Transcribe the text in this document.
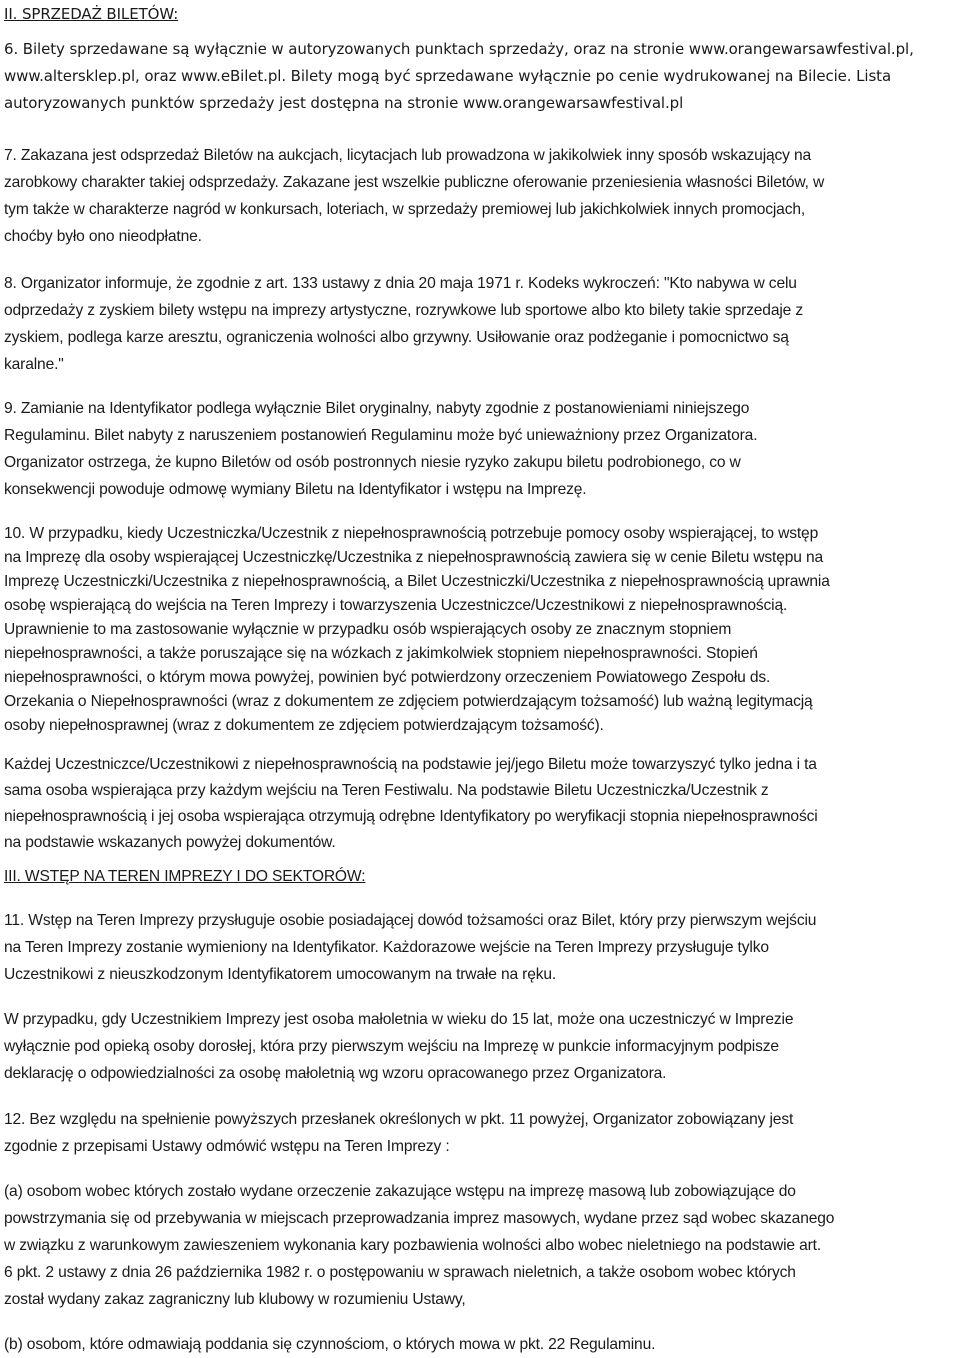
II. SPRZEDAŻ BILETÓW:
6. Bilety sprzedawane są wyłącznie w autoryzowanych punktach sprzedaży, oraz na stronie www.orangewarsawfestival.pl,
www.altersklep.pl, oraz www.eBilet.pl. Bilety mogą być sprzedawane wyłącznie po cenie wydrukowanej na Bilecie. Lista
autoryzowanych punktów sprzedaży jest dostępna na stronie www.orangewarsawfestival.pl
7. Zakazana jest odsprzedaż Biletów na aukcjach, licytacjach lub prowadzona w jakikolwiek inny sposób wskazujący na
zarobkowy charakter takiej odsprzedaży. Zakazane jest wszelkie publiczne oferowanie przeniesienia własności Biletów, w
tym także w charakterze nagród w konkursach, loteriach, w sprzedaży premiowej lub jakichkolwiek innych promocjach,
choćby było ono nieodpłatne.
8. Organizator informuje, że zgodnie z art. 133 ustawy z dnia 20 maja 1971 r. Kodeks wykroczeń: "Kto nabywa w celu
odprzedaży z zyskiem bilety wstępu na imprezy artystyczne, rozrywkowe lub sportowe albo kto bilety takie sprzedaje z
zyskiem, podlega karze aresztu, ograniczenia wolności albo grzywny. Usiłowanie oraz podżeganie i pomocnictwo są
karalne."
9. Zamianie na Identyfikator podlega wyłącznie Bilet oryginalny, nabyty zgodnie z postanowieniami niniejszego
Regulaminu. Bilet nabyty z naruszeniem postanowień Regulaminu może być unieważniony przez Organizatora.
Organizator ostrzega, że kupno Biletów od osób postronnych niesie ryzyko zakupu biletu podrobionego, co w
konsekwencji powoduje odmowę wymiany Biletu na Identyfikator i wstępu na Imprezę.
10. W przypadku, kiedy Uczestniczka/Uczestnik z niepełnosprawnością potrzebuje pomocy osoby wspierającej, to wstęp
na Imprezę dla osoby wspierającej Uczestniczkę/Uczestnika z niepełnosprawnością zawiera się w cenie Biletu wstępu na
Imprezę Uczestniczki/Uczestnika z niepełnosprawnością, a Bilet Uczestniczki/Uczestnika z niepełnosprawnością uprawnia
osobę wspierającą do wejścia na Teren Imprezy i towarzyszenia Uczestniczce/Uczestnikowi z niepełnosprawnością.
Uprawnienie to ma zastosowanie wyłącznie w przypadku osób wspierających osoby ze znacznym stopniem
niepełnosprawności, a także poruszające się na wózkach z jakimkolwiek stopniem niepełnosprawności. Stopień
niepełnosprawności, o którym mowa powyżej, powinien być potwierdzony orzeczeniem Powiatowego Zespołu ds.
Orzekania o Niepełnosprawności (wraz z dokumentem ze zdjęciem potwierdzającym tożsamość) lub ważną legitymacją
osoby niepełnosprawnej (wraz z dokumentem ze zdjęciem potwierdzającym tożsamość).
Każdej Uczestniczce/Uczestnikowi z niepełnosprawnością na podstawie jej/jego Biletu może towarzyszyć tylko jedna i ta
sama osoba wspierająca przy każdym wejściu na Teren Festiwalu. Na podstawie Biletu Uczestniczka/Uczestnik z
niepełnosprawnością i jej osoba wspierająca otrzymują odrębne Identyfikatory po weryfikacji stopnia niepełnosprawności
na podstawie wskazanych powyżej dokumentów.
III. WSTĘP NA TEREN IMPREZY I DO SEKTORÓW:
11. Wstęp na Teren Imprezy przysługuje osobie posiadającej dowód tożsamości oraz Bilet, który przy pierwszym wejściu
na Teren Imprezy zostanie wymieniony na Identyfikator. Każdorazowe wejście na Teren Imprezy przysługuje tylko
Uczestnikowi z nieuszkodzonym Identyfikatorem umocowanym na trwałe na ręku.
W przypadku, gdy Uczestnikiem Imprezy jest osoba małoletnia w wieku do 15 lat, może ona uczestniczyć w Imprezie
wyłącznie pod opieką osoby dorosłej, która przy pierwszym wejściu na Imprezę w punkcie informacyjnym podpisze
deklarację o odpowiedzialności za osobę małoletnią wg wzoru opracowanego przez Organizatora.
12. Bez względu na spełnienie powyższych przesłanek określonych w pkt. 11 powyżej, Organizator zobowiązany jest
zgodnie z przepisami Ustawy odmówić wstępu na Teren Imprezy :
(a) osobom wobec których zostało wydane orzeczenie zakazujące wstępu na imprezę masową lub zobowiązujące do
powstrzymania się od przebywania w miejscach przeprowadzania imprez masowych, wydane przez sąd wobec skazanego
w związku z warunkowym zawieszeniem wykonania kary pozbawienia wolności albo wobec nieletniego na podstawie art.
6 pkt. 2 ustawy z dnia 26 października 1982 r. o postępowaniu w sprawach nieletnich, a także osobom wobec których
został wydany zakaz zagraniczny lub klubowy w rozumieniu Ustawy,
(b) osobom, które odmawiają poddania się czynnościom, o których mowa w pkt. 22 Regulaminu.
